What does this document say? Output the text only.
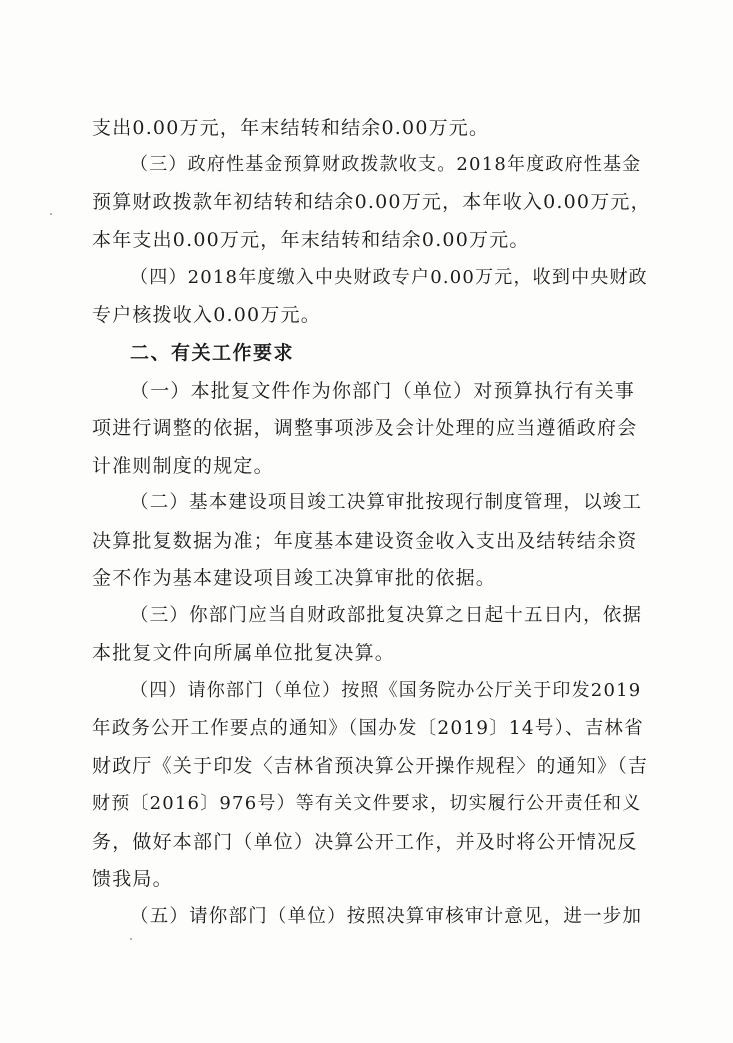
支出0.00万元，年末结转和结余0.00万元。
（三）政府性基金预算财政拨款收支。2018年度政府性基金
预算财政拨款年初结转和结余0.00万元，本年收入0.00万元，
本年支出0.00万元，年末结转和结余0.00万元。
（四）2018年度缴入中央财政专户0.00万元，收到中央财政
专户核拨收入0.00万元。
二、有关工作要求
（一）本批复文件作为你部门（单位）对预算执行有关事
项进行调整的依据，调整事项涉及会计处理的应当遵循政府会
计准则制度的规定。
（二）基本建设项目竣工决算审批按现行制度管理，以竣工
决算批复数据为准；年度基本建设资金收入支出及结转结余资
金不作为基本建设项目竣工决算审批的依据。
（三）你部门应当自财政部批复决算之日起十五日内，依据
本批复文件向所属单位批复决算。
（四）请你部门（单位）按照《国务院办公厅关于印发2019
年政务公开工作要点的通知》（国办发〔2019〕14号）、吉林省
财政厅《关于印发〈吉林省预决算公开操作规程〉的通知》（吉
财预〔2016〕976号）等有关文件要求，切实履行公开责任和义
务，做好本部门（单位）决算公开工作，并及时将公开情况反
馈我局。
（五）请你部门（单位）按照决算审核审计意见，进一步加
